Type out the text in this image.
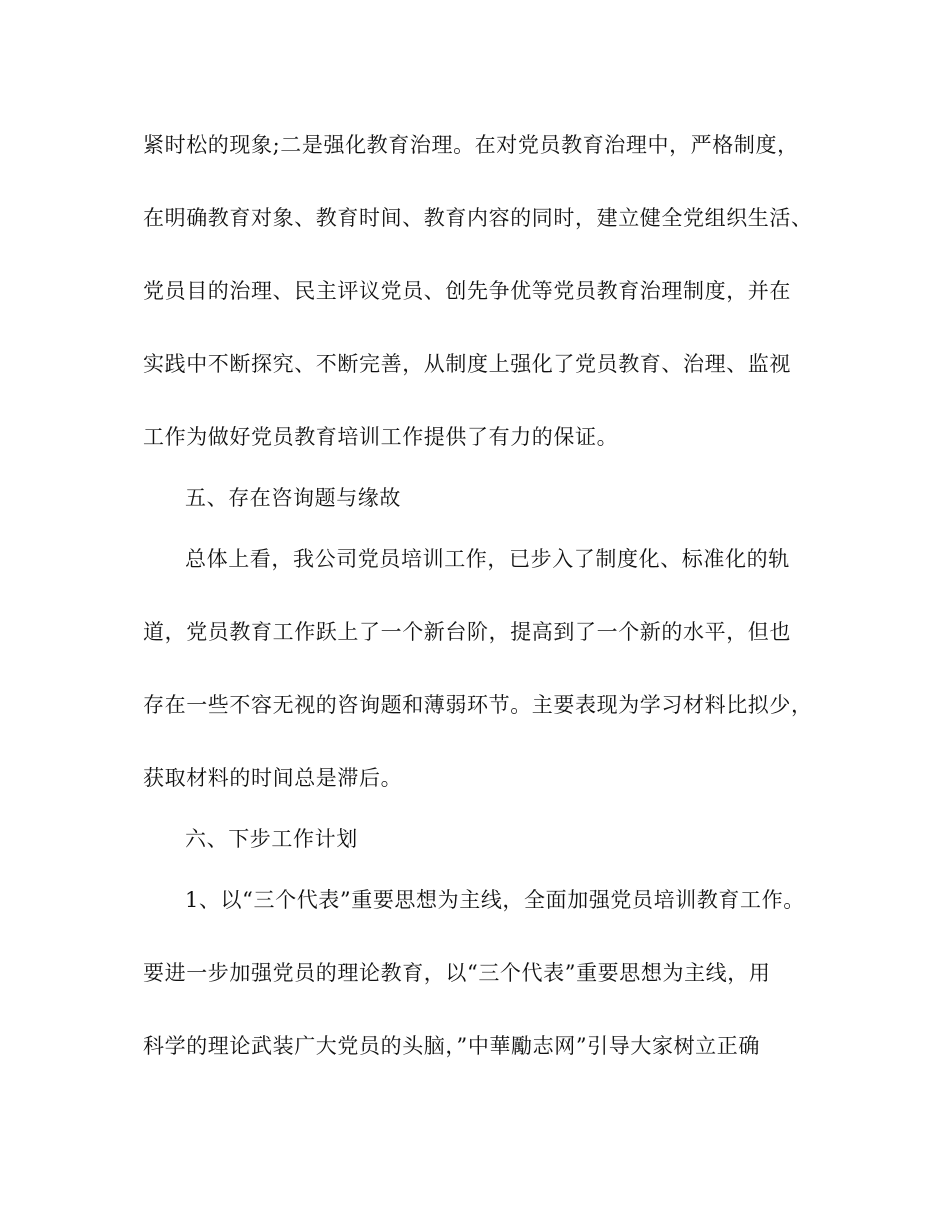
紧时松的现象;二是强化教育治理。在对党员教育治理中，严格制度，
在明确教育对象、教育时间、教育内容的同时，建立健全党组织生活、
党员目的治理、民主评议党员、创先争优等党员教育治理制度，并在
实践中不断探究、不断完善，从制度上强化了党员教育、治理、监视
工作为做好党员教育培训工作提供了有力的保证。
五、存在咨询题与缘故
总体上看，我公司党员培训工作，已步入了制度化、标准化的轨
道，党员教育工作跃上了一个新台阶，提高到了一个新的水平，但也
存在一些不容无视的咨询题和薄弱环节。主要表现为学习材料比拟少，
获取材料的时间总是滞后。
六、下步工作计划
1、以“三个代表”重要思想为主线，全面加强党员培训教育工作。
要进一步加强党员的理论教育，以“三个代表”重要思想为主线，用
科学的理论武装广大党员的头脑，”中華勵志网”引导大家树立正确
